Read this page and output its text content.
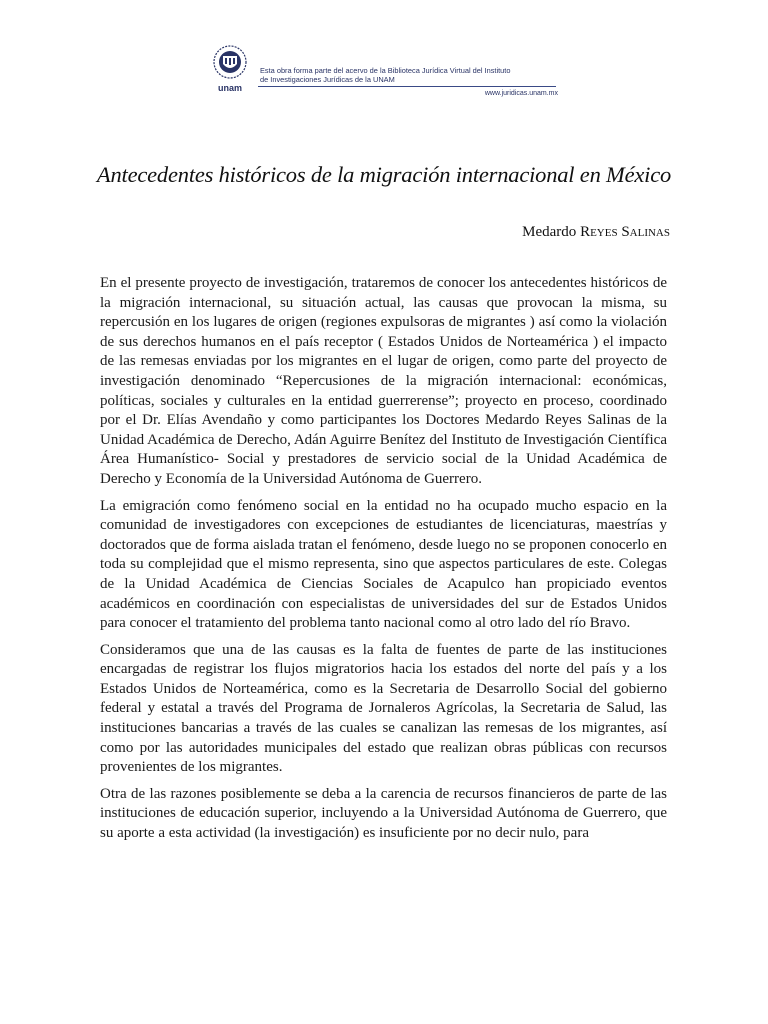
unam
Esta obra forma parte del acervo de la Biblioteca Jurídica Virtual del Instituto
de Investigaciones Jurídicas de la UNAM
www.juridicas.unam.mx
Antecedentes históricos de la migración internacional en México
Medardo Reyes Salinas

En el presente proyecto de investigación, trataremos de conocer los antecedentes históricos de la migración internacional, su situación actual, las causas que provocan la misma, su repercusión en los lugares de origen (regiones expulsoras de migrantes ) así como la violación de sus derechos humanos en el país receptor ( Estados Unidos de Norteamérica ) el impacto de las remesas enviadas por los migrantes en el lugar de origen, como parte del proyecto de investigación denominado “Repercusiones de la migración internacional: económicas, políticas, sociales y culturales en la entidad guerrerense”; proyecto en proceso, coordinado por el Dr. Elías Avendaño y como participantes los Doctores Medardo Reyes Salinas de la Unidad Académica de Derecho, Adán Aguirre Benítez del Instituto de Investigación Científica Área Humanístico- Social y prestadores de servicio social de la Unidad Académica de Derecho y Economía de la Universidad Autónoma de Guerrero.

La emigración como fenómeno social en la entidad no ha ocupado mucho espacio en la comunidad de investigadores con excepciones de estudiantes de licenciaturas, maestrías y doctorados que de forma aislada tratan el fenómeno, desde luego no se proponen conocerlo en toda su complejidad que el mismo representa, sino que aspectos particulares de este. Colegas de la Unidad Académica de Ciencias Sociales de Acapulco han propiciado eventos académicos en coordinación con especialistas de universidades del sur de Estados Unidos para conocer el tratamiento del problema tanto nacional como al otro lado del río Bravo.

Consideramos que una de las causas es la falta de fuentes de parte de las instituciones encargadas de registrar los flujos migratorios hacia los estados del norte del país y a los Estados Unidos de Norteamérica, como es la Secretaria de Desarrollo Social del gobierno federal y estatal a través del Programa de Jornaleros Agrícolas, la Secretaria de Salud, las instituciones bancarias a través de las cuales se canalizan las remesas de los migrantes, así como por las autoridades municipales del estado que realizan obras públicas con recursos provenientes de los migrantes.

Otra de las razones posiblemente se deba a la carencia de recursos financieros de parte de las instituciones de educación superior, incluyendo a la Universidad Autónoma de Guerrero, que su aporte a esta actividad (la investigación) es insuficiente por no decir nulo, para
